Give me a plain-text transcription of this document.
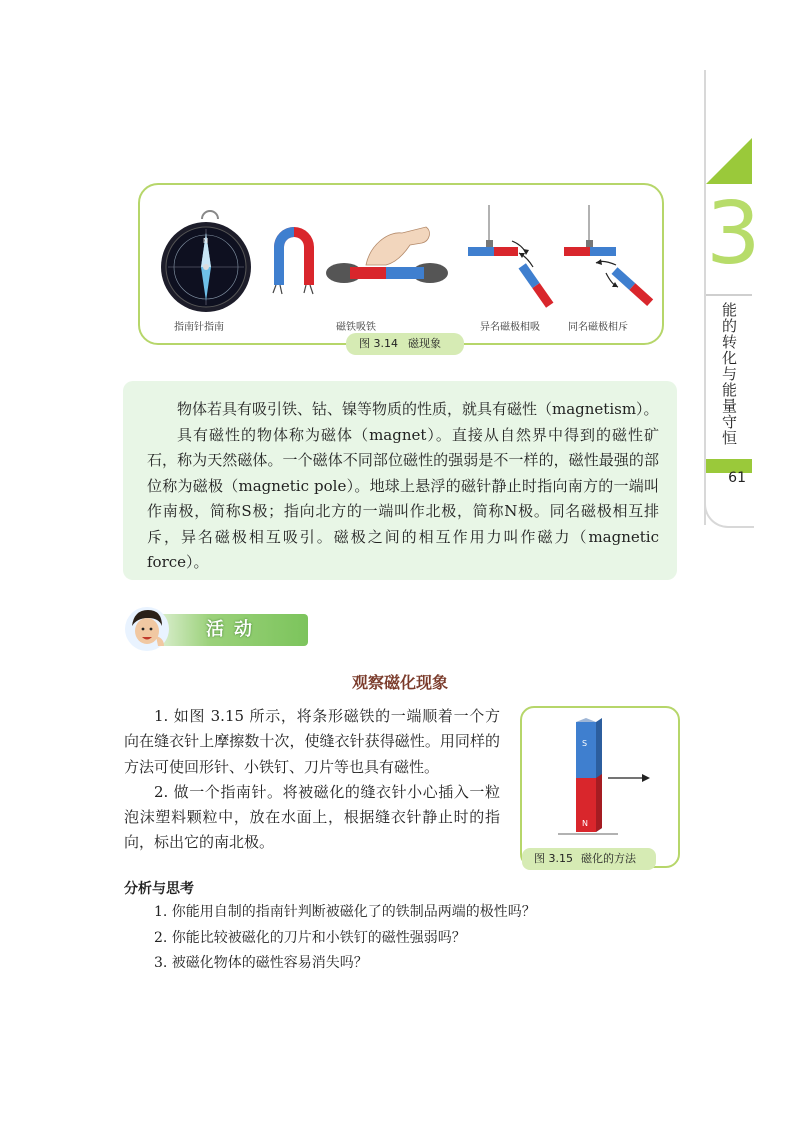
3
能的转化与能量守恒
61
N
指南针指南	磁铁吸铁	异名磁极相吸	同名磁极相斥
图 3.14 磁现象

物体若具有吸引铁、钴、镍等物质的性质，就具有磁性（magnetism）。

具有磁性的物体称为磁体（magnet）。直接从自然界中得到的磁性矿石，称为天然磁体。一个磁体不同部位磁性的强弱是不一样的，磁性最强的部位称为磁极（magnetic pole）。地球上悬浮的磁针静止时指向南方的一端叫作南极，简称S极；指向北方的一端叫作北极，简称N极。同名磁极相互排斥，异名磁极相互吸引。磁极之间的相互作用力叫作磁力（magnetic force）。

活动
观察磁化现象

1. 如图 3.15 所示，将条形磁铁的一端顺着一个方向在缝衣针上摩擦数十次，使缝衣针获得磁性。用同样的方法可使回形针、小铁钉、刀片等也具有磁性。

2. 做一个指南针。将被磁化的缝衣针小心插入一粒泡沫塑料颗粒中，放在水面上，根据缝衣针静止时的指向，标出它的南北极。

S
N
图 3.15 磁化的方法
分析与思考
1. 你能用自制的指南针判断被磁化了的铁制品两端的极性吗？
2. 你能比较被磁化的刀片和小铁钉的磁性强弱吗？
3. 被磁化物体的磁性容易消失吗？
